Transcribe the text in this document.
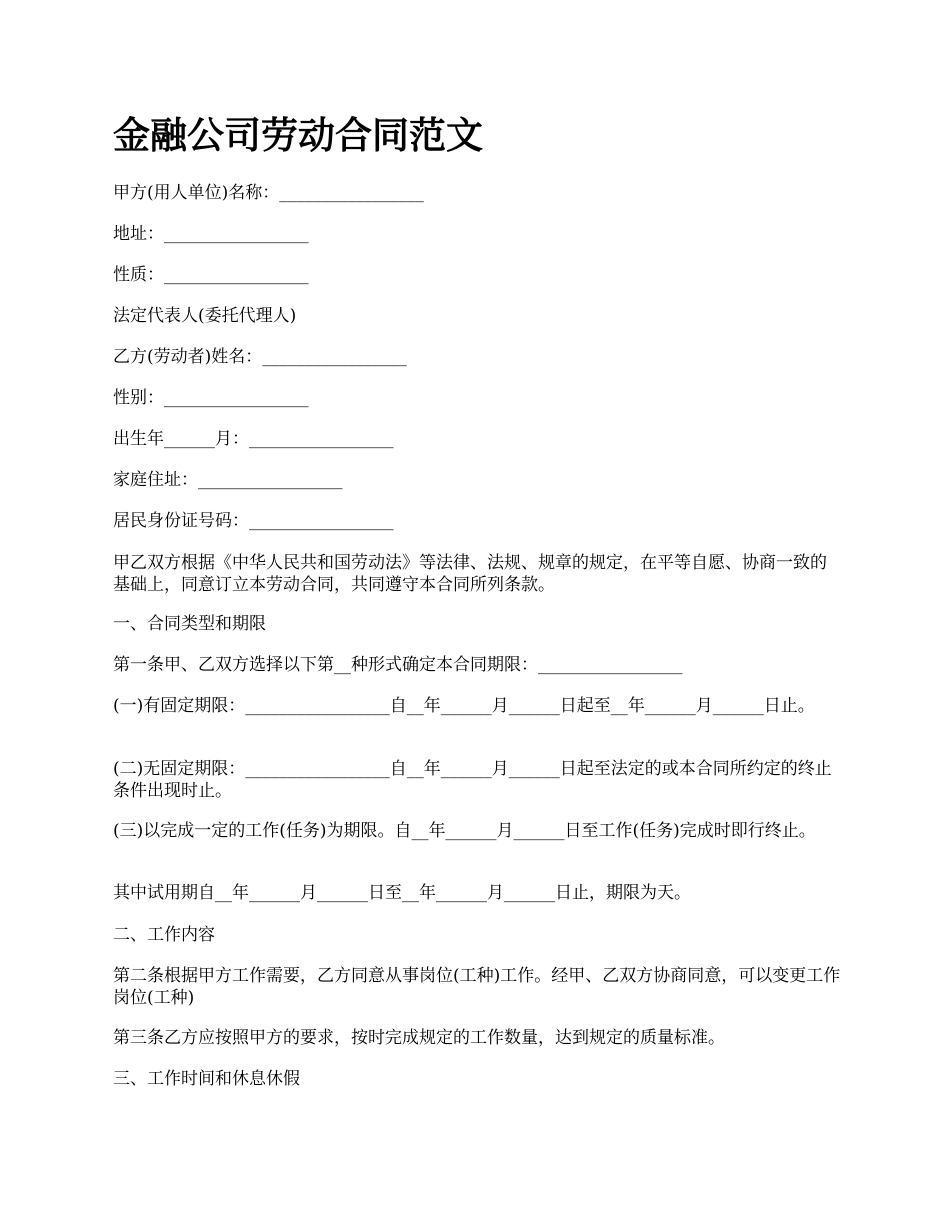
金融公司劳动合同范文

甲方(用人单位)名称：_________________

地址：_________________

性质：_________________

法定代表人(委托代理人)

乙方(劳动者)姓名：_________________

性别：_________________

出生年______月：_________________

家庭住址：_________________

居民身份证号码：_________________

甲乙双方根据《中华人民共和国劳动法》等法律、法规、规章的规定，在平等自愿、协商一致的基础上，同意订立本劳动合同，共同遵守本合同所列条款。

一、合同类型和期限

第一条甲、乙双方选择以下第__种形式确定本合同期限：_________________

(一)有固定期限：_________________自__年______月______日起至__年______月______日止。

(二)无固定期限：_________________自__年______月______日起至法定的或本合同所约定的终止条件出现时止。

(三)以完成一定的工作(任务)为期限。自__年______月______日至工作(任务)完成时即行终止。

其中试用期自__年______月______日至__年______月______日止，期限为天。

二、工作内容

第二条根据甲方工作需要，乙方同意从事岗位(工种)工作。经甲、乙双方协商同意，可以变更工作岗位(工种)

第三条乙方应按照甲方的要求，按时完成规定的工作数量，达到规定的质量标准。

三、工作时间和休息休假
